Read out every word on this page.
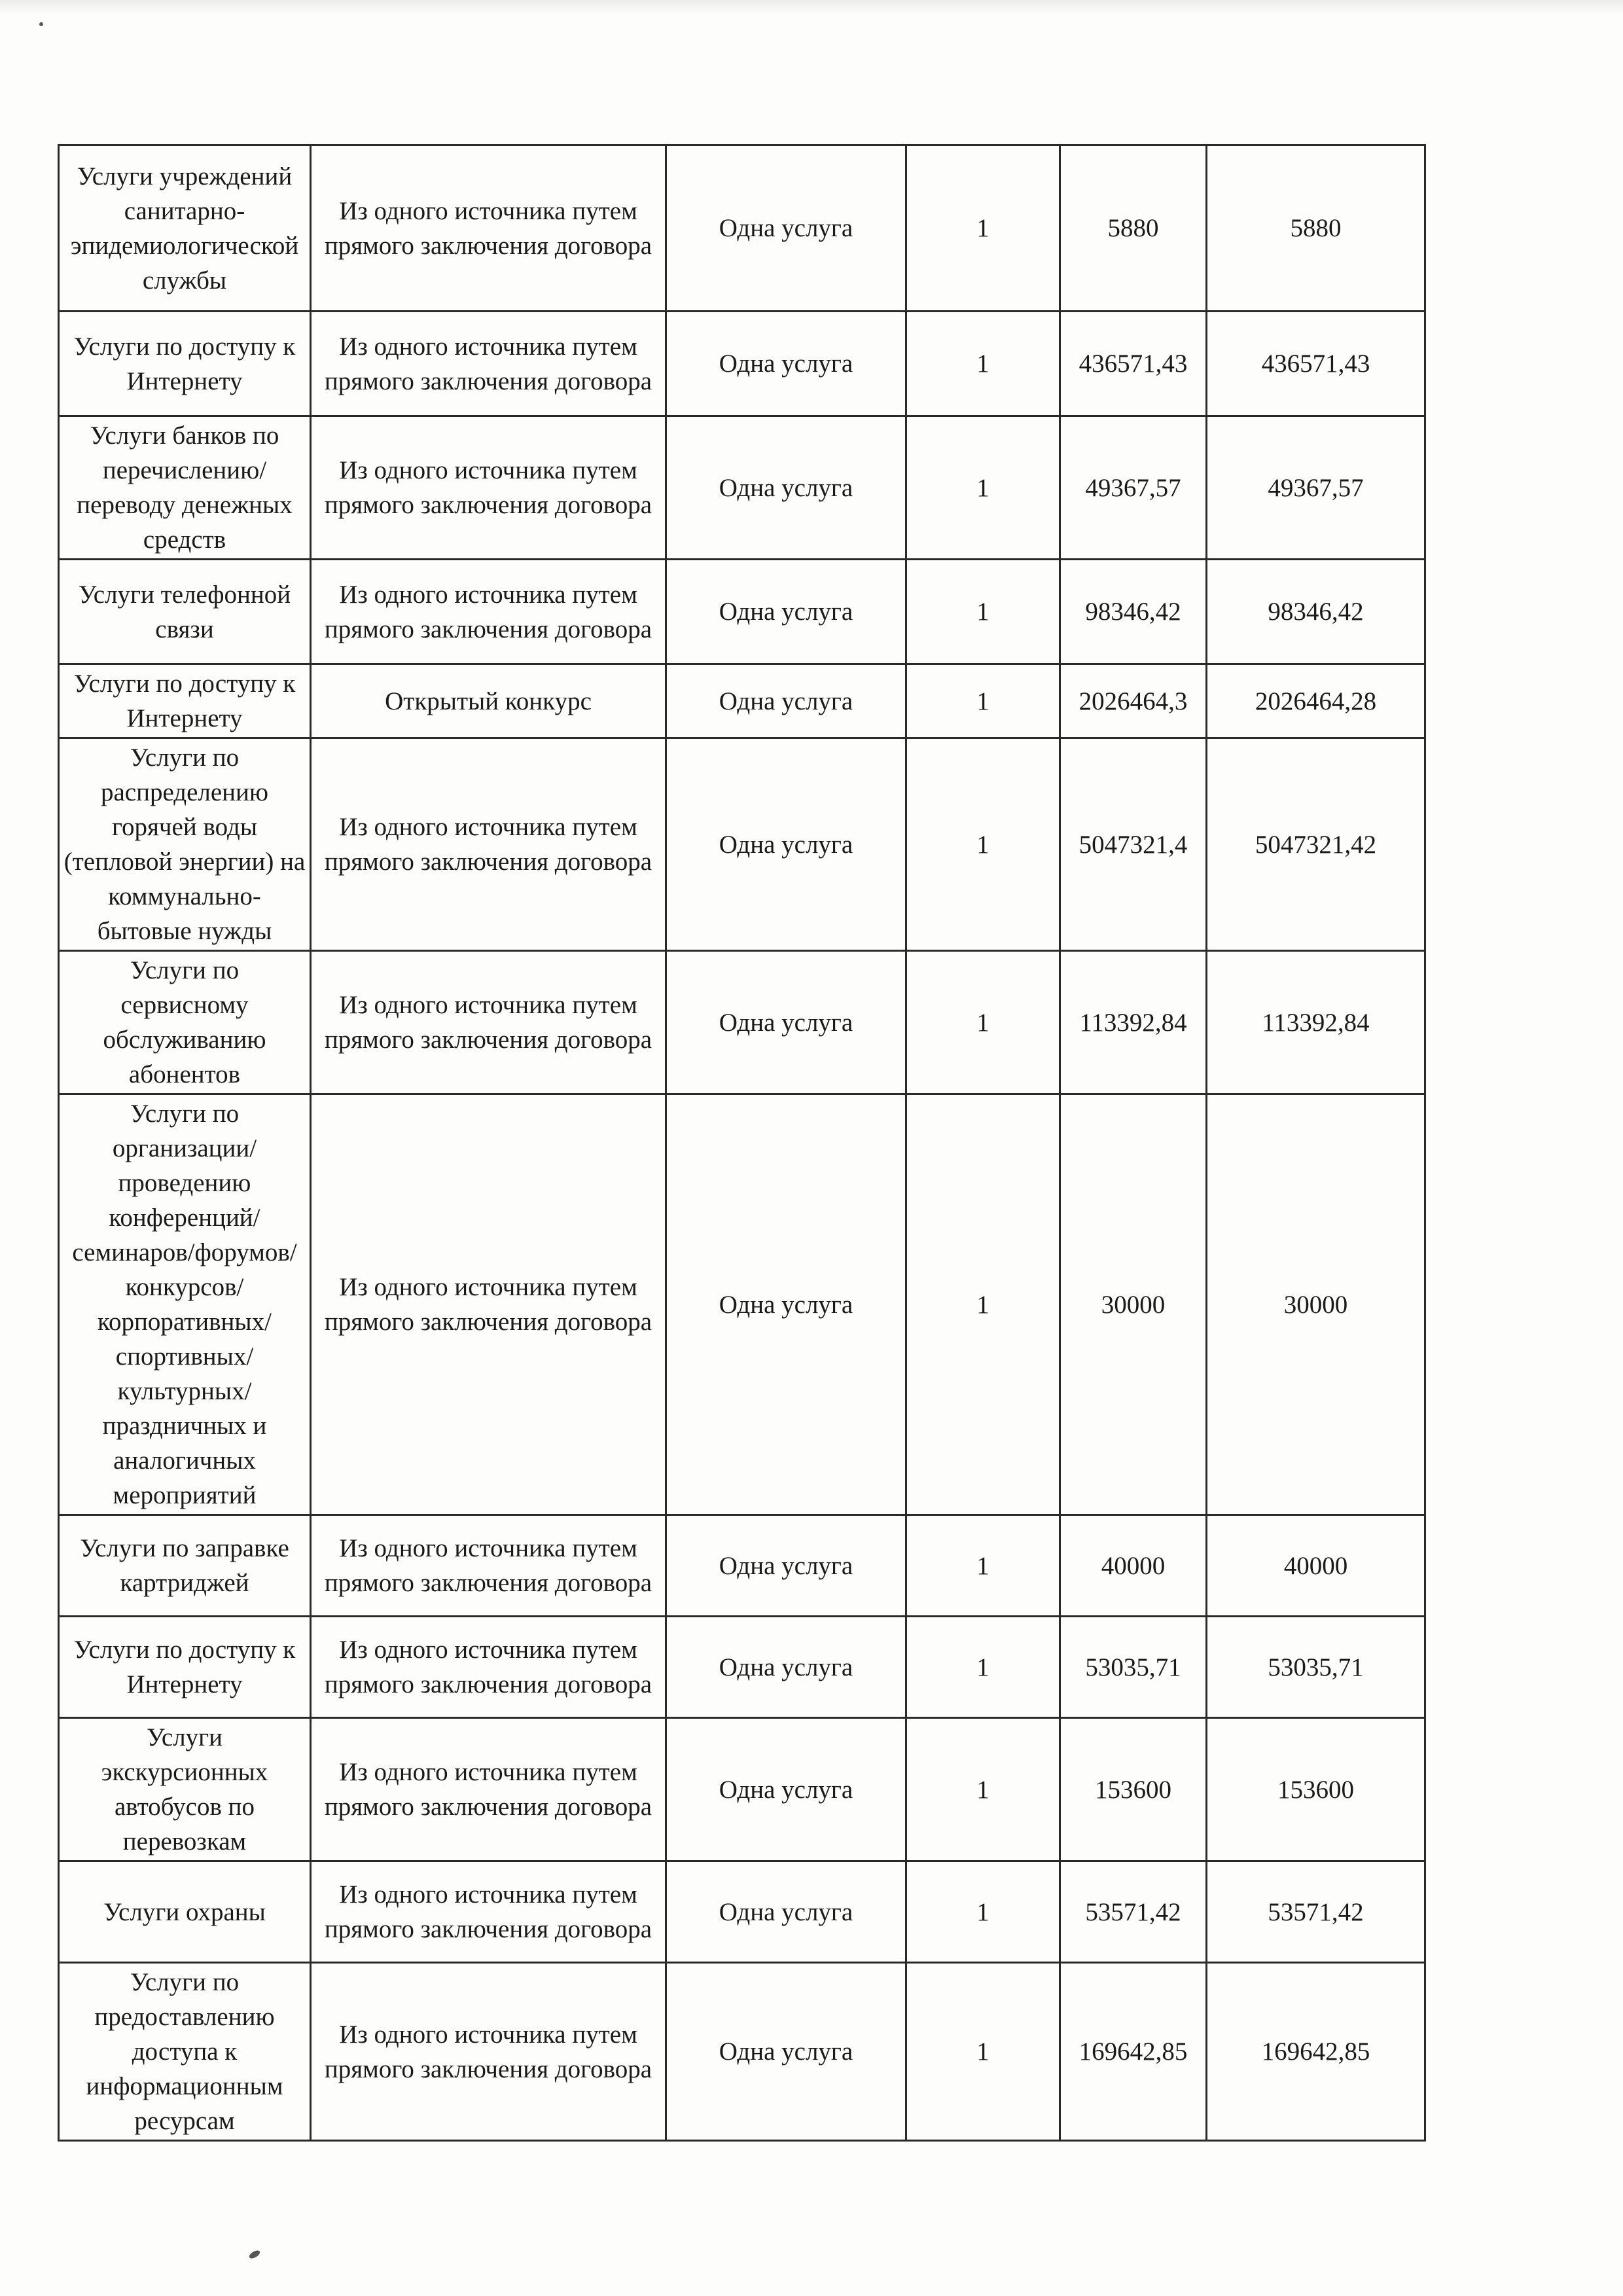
Услуги учреждений санитарно-эпидемиологической службы	Из одного источника путем прямого заключения договора	Одна услуга	1	5880	5880
Услуги по доступу к Интернету	Из одного источника путем прямого заключения договора	Одна услуга	1	436571,43	436571,43
Услуги банков по перечислению/переводу денежных средств	Из одного источника путем прямого заключения договора	Одна услуга	1	49367,57	49367,57
Услуги телефонной связи	Из одного источника путем прямого заключения договора	Одна услуга	1	98346,42	98346,42
Услуги по доступу к Интернету	Открытый конкурс	Одна услуга	1	2026464,3	2026464,28
Услуги по распределению горячей воды (тепловой энергии) на коммунально-бытовые нужды	Из одного источника путем прямого заключения договора	Одна услуга	1	5047321,4	5047321,42
Услуги по сервисному обслуживанию абонентов	Из одного источника путем прямого заключения договора	Одна услуга	1	113392,84	113392,84
Услуги по организации/проведению конференций/семинаров/форумов/конкурсов/корпоративных/спортивных/культурных/праздничных и аналогичных мероприятий	Из одного источника путем прямого заключения договора	Одна услуга	1	30000	30000
Услуги по заправке картриджей	Из одного источника путем прямого заключения договора	Одна услуга	1	40000	40000
Услуги по доступу к Интернету	Из одного источника путем прямого заключения договора	Одна услуга	1	53035,71	53035,71
Услуги экскурсионных автобусов по перевозкам	Из одного источника путем прямого заключения договора	Одна услуга	1	153600	153600
Услуги охраны	Из одного источника путем прямого заключения договора	Одна услуга	1	53571,42	53571,42
Услуги по предоставлению доступа к информационным ресурсам	Из одного источника путем прямого заключения договора	Одна услуга	1	169642,85	169642,85
